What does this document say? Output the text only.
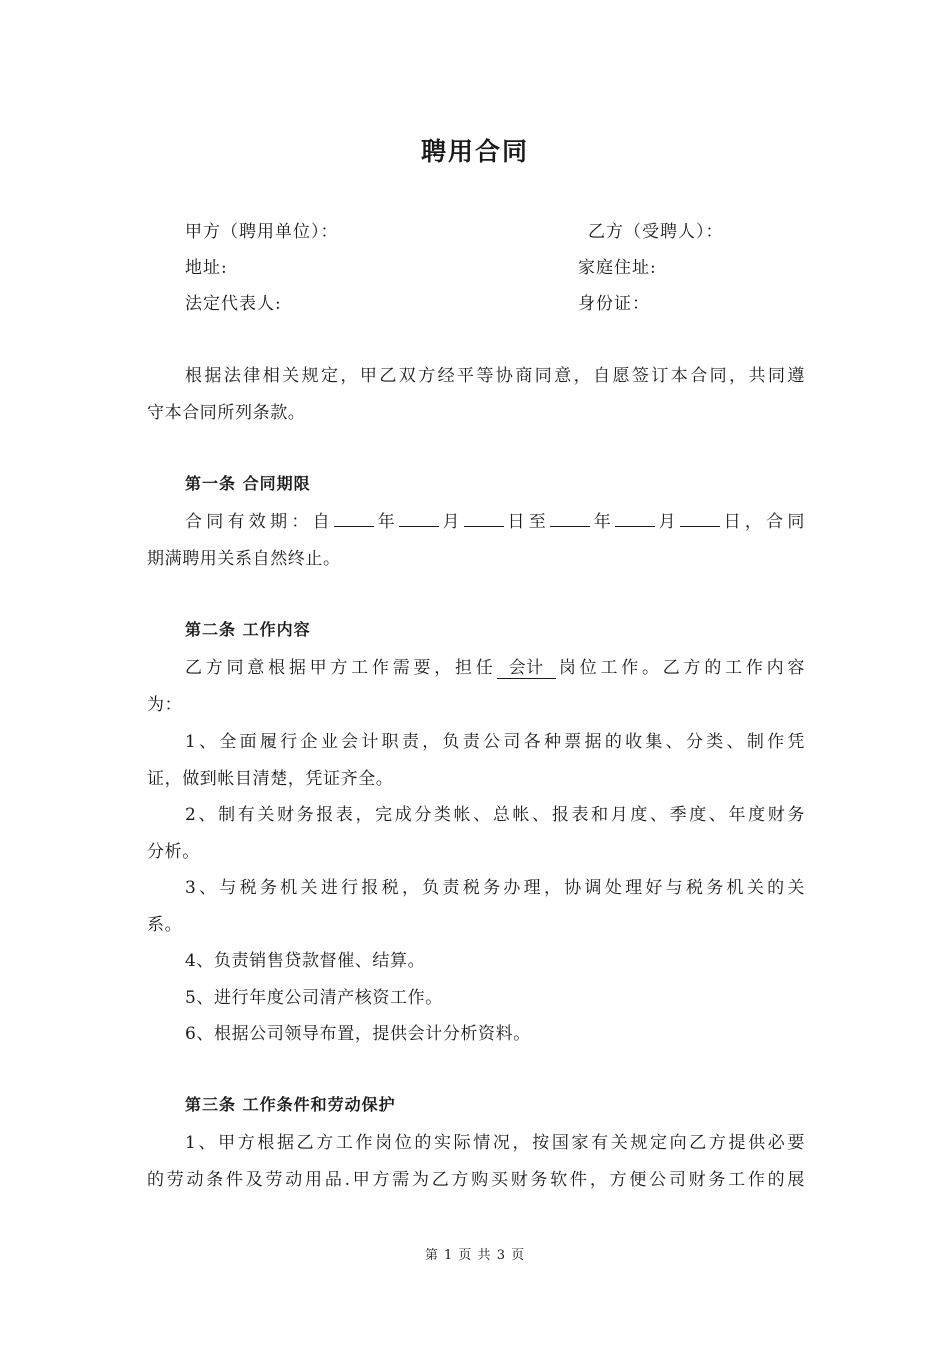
聘用合同
甲方（聘用单位）：	乙方（受聘人）：
地址:	家庭住址:
法定代表人:	身份证：
根据法律相关规定，甲乙双方经平等协商同意，自愿签订本合同，共同遵
守本合同所列条款。
第一条 合同期限
合同有效期：自 年 月 日至 年 月 日，合同
期满聘用关系自然终止。
第二条 工作内容
乙方同意根据甲方工作需要，担任 会计 岗位工作。乙方的工作内容
为：
1、全面履行企业会计职责，负责公司各种票据的收集、分类、制作凭
证，做到帐目清楚，凭证齐全。
2、制有关财务报表，完成分类帐、总帐、报表和月度、季度、年度财务
分析。
3、与税务机关进行报税，负责税务办理，协调处理好与税务机关的关
系。
4、负责销售贷款督催、结算。
5、进行年度公司清产核资工作。
6、根据公司领导布置，提供会计分析资料。
第三条 工作条件和劳动保护
1、甲方根据乙方工作岗位的实际情况，按国家有关规定向乙方提供必要
的劳动条件及劳动用品.甲方需为乙方购买财务软件，方便公司财务工作的展
第 1 页 共 3 页
